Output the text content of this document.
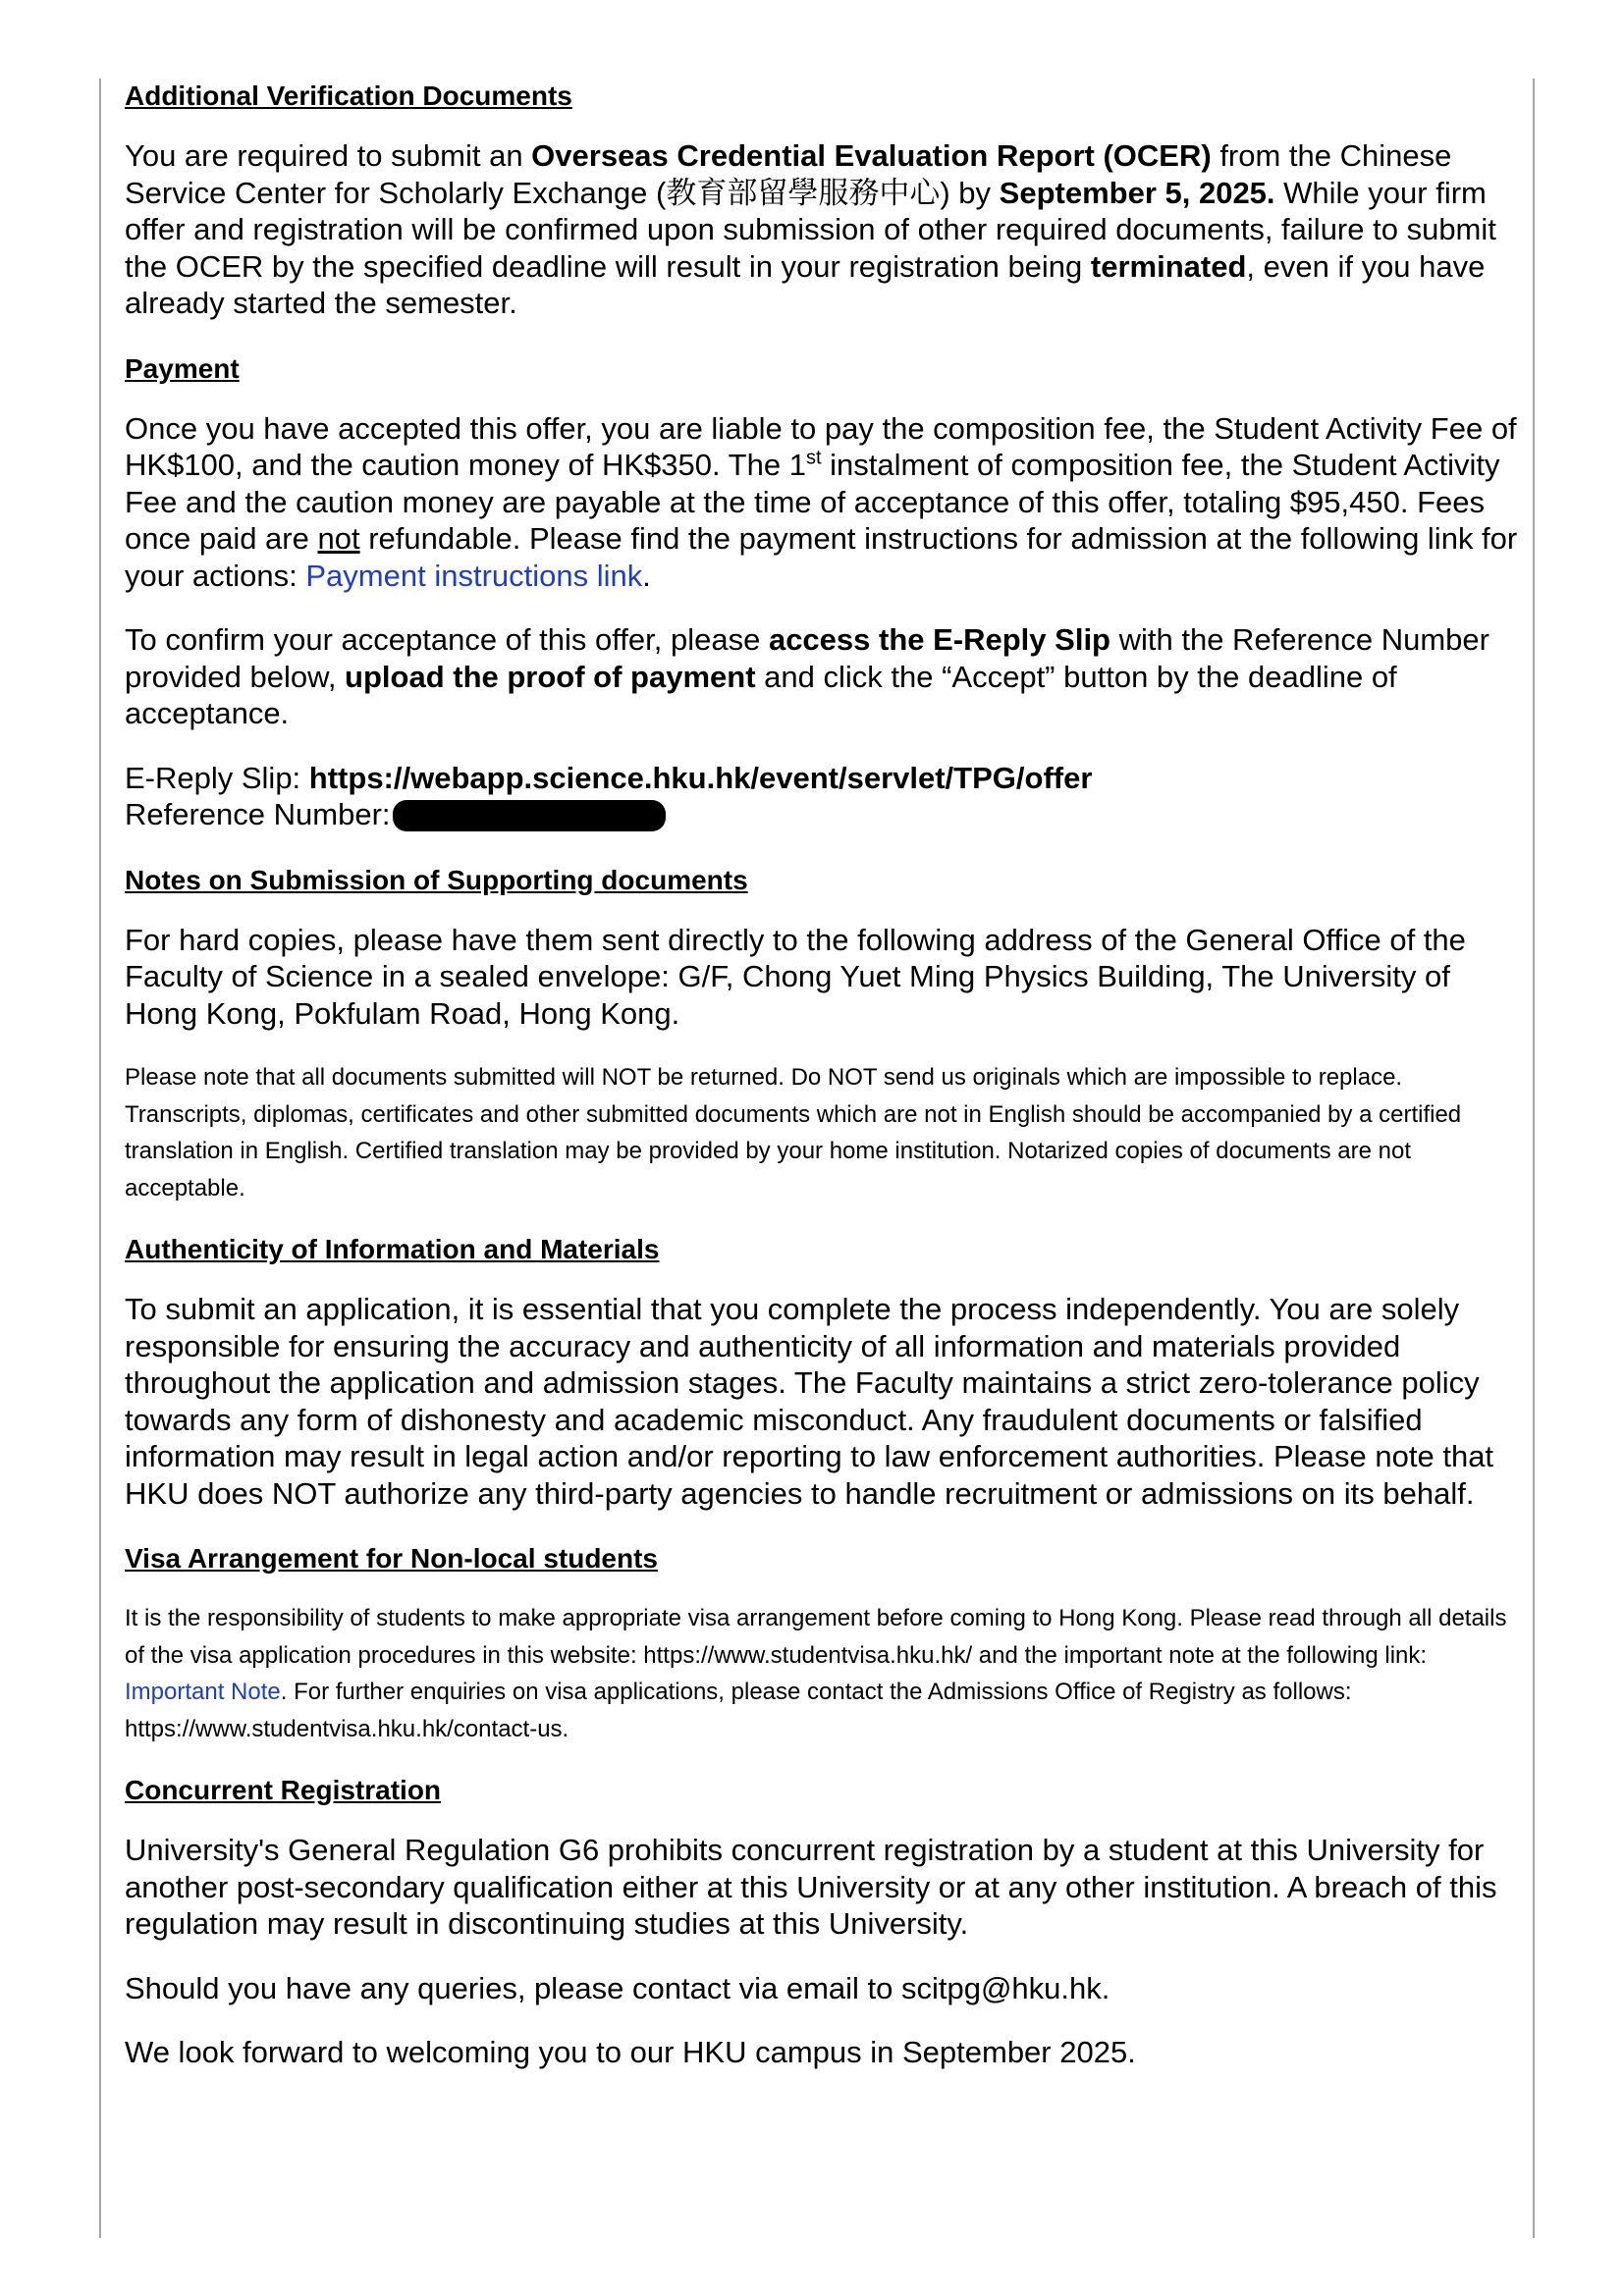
Additional Verification Documents
You are required to submit an Overseas Credential Evaluation Report (OCER) from the Chinese Service Center for Scholarly Exchange (教育部留學服務中心) by September 5, 2025. While your firm offer and registration will be confirmed upon submission of other required documents, failure to submit the OCER by the specified deadline will result in your registration being terminated, even if you have already started the semester.
Payment
Once you have accepted this offer, you are liable to pay the composition fee, the Student Activity Fee of HK$100, and the caution money of HK$350. The 1st instalment of composition fee, the Student Activity Fee and the caution money are payable at the time of acceptance of this offer, totaling $95,450. Fees once paid are not refundable. Please find the payment instructions for admission at the following link for your actions: Payment instructions link.
To confirm your acceptance of this offer, please access the E-Reply Slip with the Reference Number provided below, upload the proof of payment and click the “Accept” button by the deadline of acceptance.
E-Reply Slip: https://webapp.science.hku.hk/event/servlet/TPG/offer
Reference Number:
Notes on Submission of Supporting documents
For hard copies, please have them sent directly to the following address of the General Office of the Faculty of Science in a sealed envelope: G/F, Chong Yuet Ming Physics Building, The University of Hong Kong, Pokfulam Road, Hong Kong.
Please note that all documents submitted will NOT be returned. Do NOT send us originals which are impossible to replace. Transcripts, diplomas, certificates and other submitted documents which are not in English should be accompanied by a certified translation in English. Certified translation may be provided by your home institution. Notarized copies of documents are not acceptable.
Authenticity of Information and Materials
To submit an application, it is essential that you complete the process independently. You are solely responsible for ensuring the accuracy and authenticity of all information and materials provided throughout the application and admission stages. The Faculty maintains a strict zero-tolerance policy towards any form of dishonesty and academic misconduct. Any fraudulent documents or falsified information may result in legal action and/or reporting to law enforcement authorities. Please note that HKU does NOT authorize any third-party agencies to handle recruitment or admissions on its behalf.
Visa Arrangement for Non-local students
It is the responsibility of students to make appropriate visa arrangement before coming to Hong Kong. Please read through all details of the visa application procedures in this website: https://www.studentvisa.hku.hk/ and the important note at the following link: Important Note. For further enquiries on visa applications, please contact the Admissions Office of Registry as follows: https://www.studentvisa.hku.hk/contact-us.
Concurrent Registration
University's General Regulation G6 prohibits concurrent registration by a student at this University for another post-secondary qualification either at this University or at any other institution. A breach of this regulation may result in discontinuing studies at this University.
Should you have any queries, please contact via email to scitpg@hku.hk.
We look forward to welcoming you to our HKU campus in September 2025.
